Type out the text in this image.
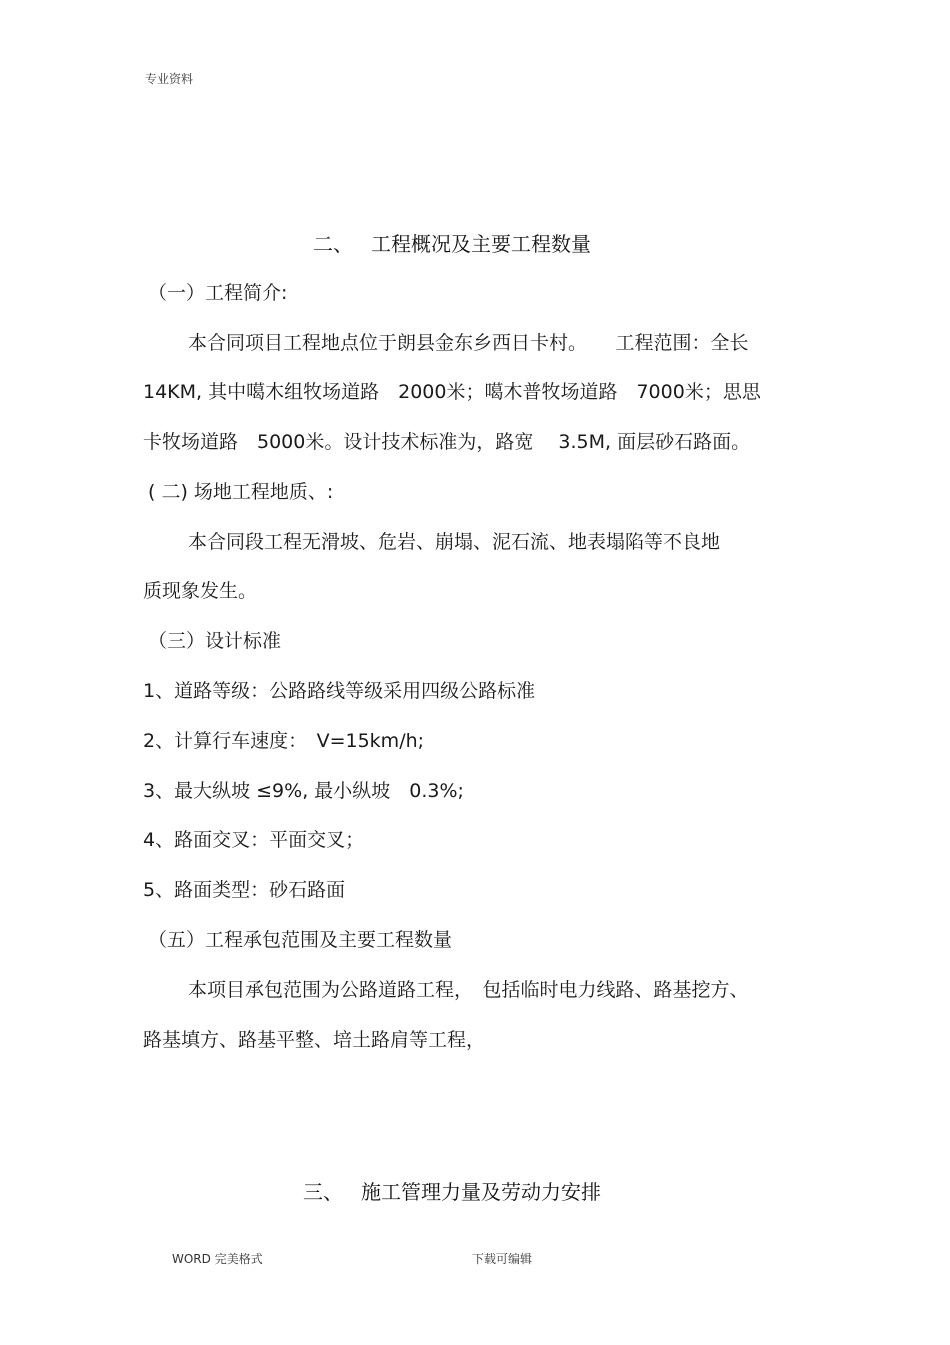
专业资料
二、 工程概况及主要工程数量
（一）工程简介:
本合同项目工程地点位于朗县金东乡西日卡村。　　工程范围：全长
14KM, 其中噶木组牧场道路　2000米；噶木普牧场道路　7000米；思思
卡牧场道路　5000米。设计技术标准为，路宽　 3.5M, 面层砂石路面。
( 二) 场地工程地质、:
本合同段工程无滑坡、危岩、崩塌、泥石流、地表塌陷等不良地
质现象发生。
（三）设计标准
1、道路等级：公路路线等级采用四级公路标准
2、计算行车速度：　V=15km/h;
3、最大纵坡 ≤9%, 最小纵坡　0.3%;
4、路面交叉：平面交叉；
5、路面类型：砂石路面
（五）工程承包范围及主要工程数量
本项目承包范围为公路道路工程，　包括临时电力线路、路基挖方、
路基填方、路基平整、培土路肩等工程，
三、 施工管理力量及劳动力安排
WORD 完美格式	下载可编辑
